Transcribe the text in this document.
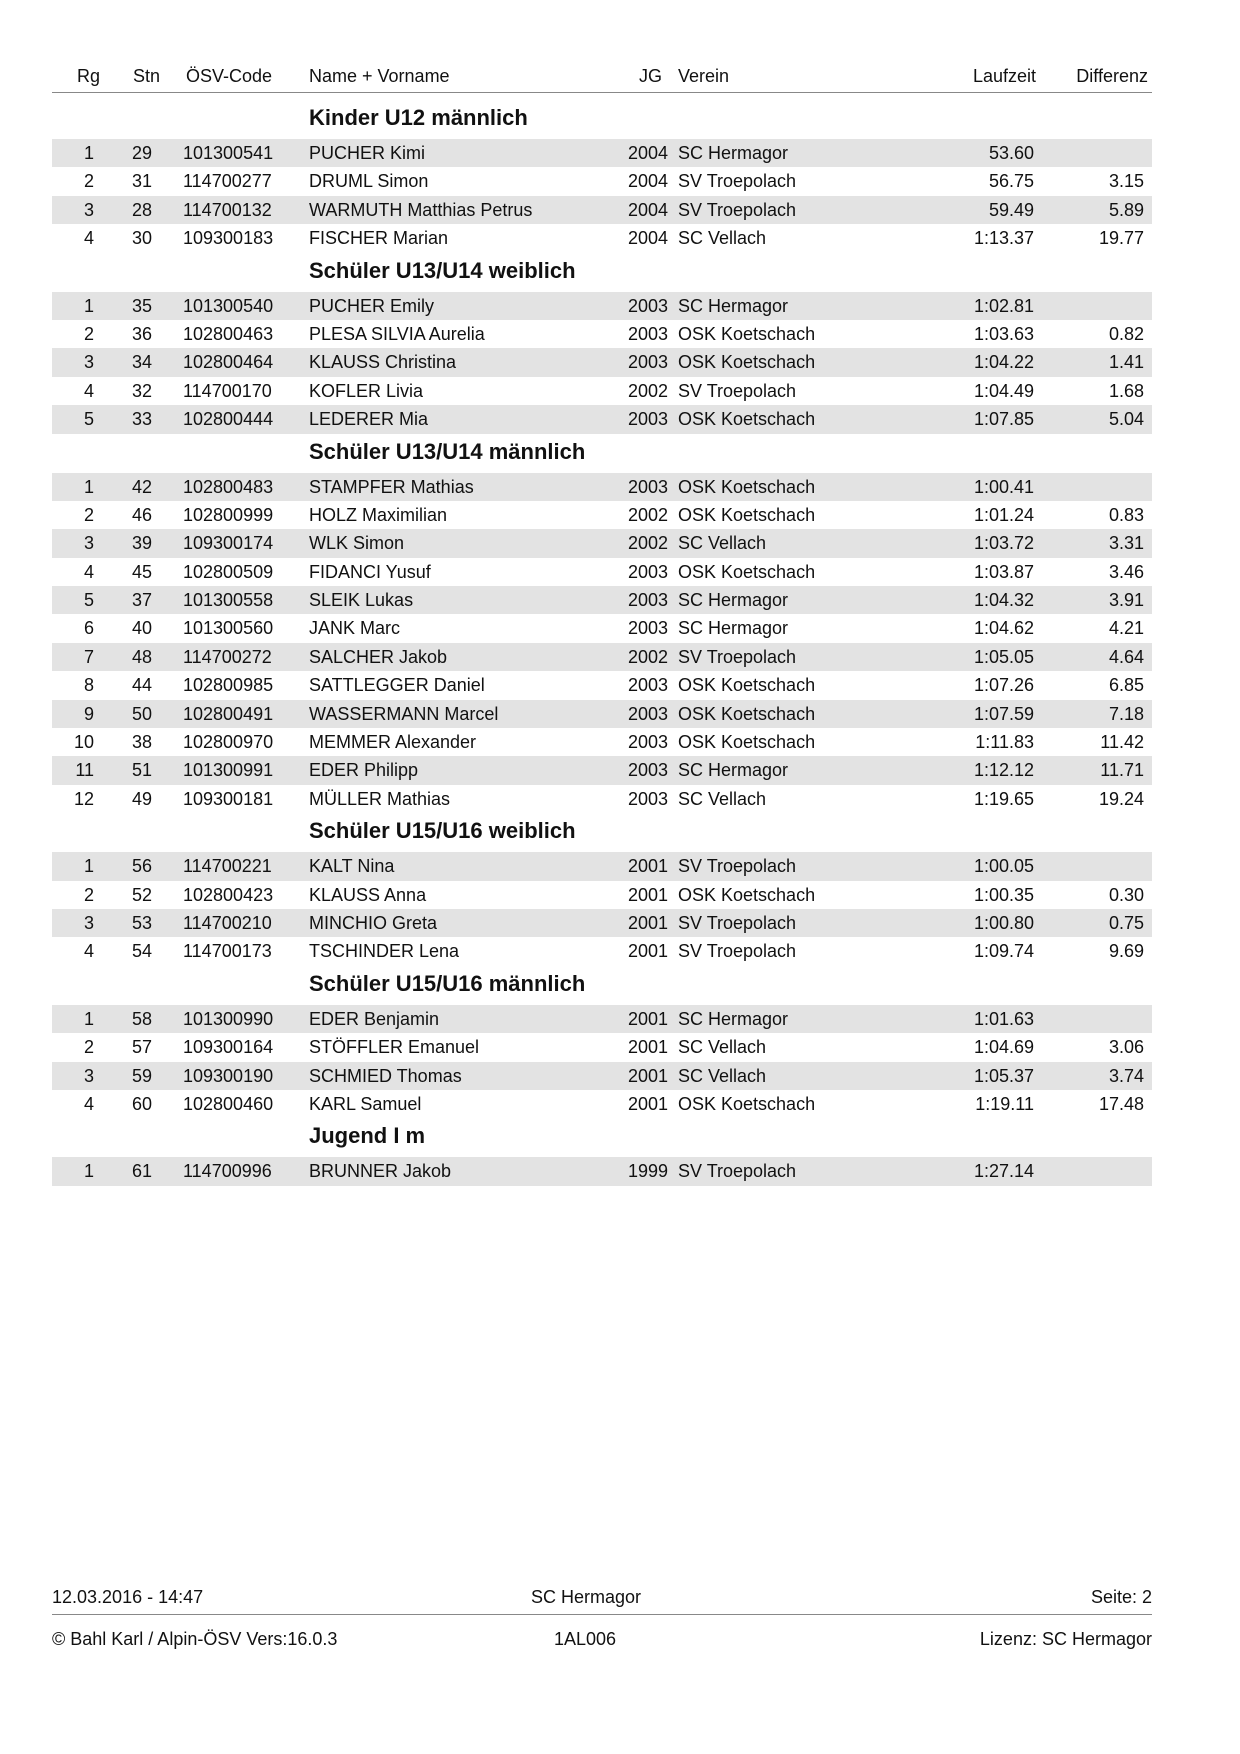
Rg Stn ÖSV-Code Name + Vorname	JG Verein	Laufzeit Differenz
Kinder U12 männlich
1 29 101300541 PUCHER Kimi	2004 SC Hermagor	53.60
2 31 114700277 DRUML Simon	2004 SV Troepolach	56.75	3.15
3 28 114700132 WARMUTH Matthias Petrus	2004 SV Troepolach	59.49	5.89
4 30 109300183 FISCHER Marian	2004 SC Vellach	1:13.37	19.77
Schüler U13/U14 weiblich
1 35 101300540 PUCHER Emily	2003 SC Hermagor	1:02.81
2 36 102800463 PLESA SILVIA Aurelia	2003 OSK Koetschach	1:03.63	0.82
3 34 102800464 KLAUSS Christina	2003 OSK Koetschach	1:04.22	1.41
4 32 114700170 KOFLER Livia	2002 SV Troepolach	1:04.49	1.68
5 33 102800444 LEDERER Mia	2003 OSK Koetschach	1:07.85	5.04
Schüler U13/U14 männlich
1 42 102800483 STAMPFER Mathias	2003 OSK Koetschach	1:00.41
2 46 102800999 HOLZ Maximilian	2002 OSK Koetschach	1:01.24	0.83
3 39 109300174 WLK Simon	2002 SC Vellach	1:03.72	3.31
4 45 102800509 FIDANCI Yusuf	2003 OSK Koetschach	1:03.87	3.46
5 37 101300558 SLEIK Lukas	2003 SC Hermagor	1:04.32	3.91
6 40 101300560 JANK Marc	2003 SC Hermagor	1:04.62	4.21
7 48 114700272 SALCHER Jakob	2002 SV Troepolach	1:05.05	4.64
8 44 102800985 SATTLEGGER Daniel	2003 OSK Koetschach	1:07.26	6.85
9 50 102800491 WASSERMANN Marcel	2003 OSK Koetschach	1:07.59	7.18
10 38 102800970 MEMMER Alexander	2003 OSK Koetschach	1:11.83	11.42
11 51 101300991 EDER Philipp	2003 SC Hermagor	1:12.12	11.71
12 49 109300181 MÜLLER Mathias	2003 SC Vellach	1:19.65	19.24
Schüler U15/U16 weiblich
1 56 114700221 KALT Nina	2001 SV Troepolach	1:00.05
2 52 102800423 KLAUSS Anna	2001 OSK Koetschach	1:00.35	0.30
3 53 114700210 MINCHIO Greta	2001 SV Troepolach	1:00.80	0.75
4 54 114700173 TSCHINDER Lena	2001 SV Troepolach	1:09.74	9.69
Schüler U15/U16 männlich
1 58 101300990 EDER Benjamin	2001 SC Hermagor	1:01.63
2 57 109300164 STÖFFLER Emanuel	2001 SC Vellach	1:04.69	3.06
3 59 109300190 SCHMIED Thomas	2001 SC Vellach	1:05.37	3.74
4 60 102800460 KARL Samuel	2001 OSK Koetschach	1:19.11	17.48
Jugend I m
1 61 114700996 BRUNNER Jakob	1999 SV Troepolach	1:27.14
12.03.2016 - 14:47	SC Hermagor	Seite: 2
© Bahl Karl / Alpin-ÖSV Vers:16.0.3	1AL006	Lizenz: SC Hermagor
